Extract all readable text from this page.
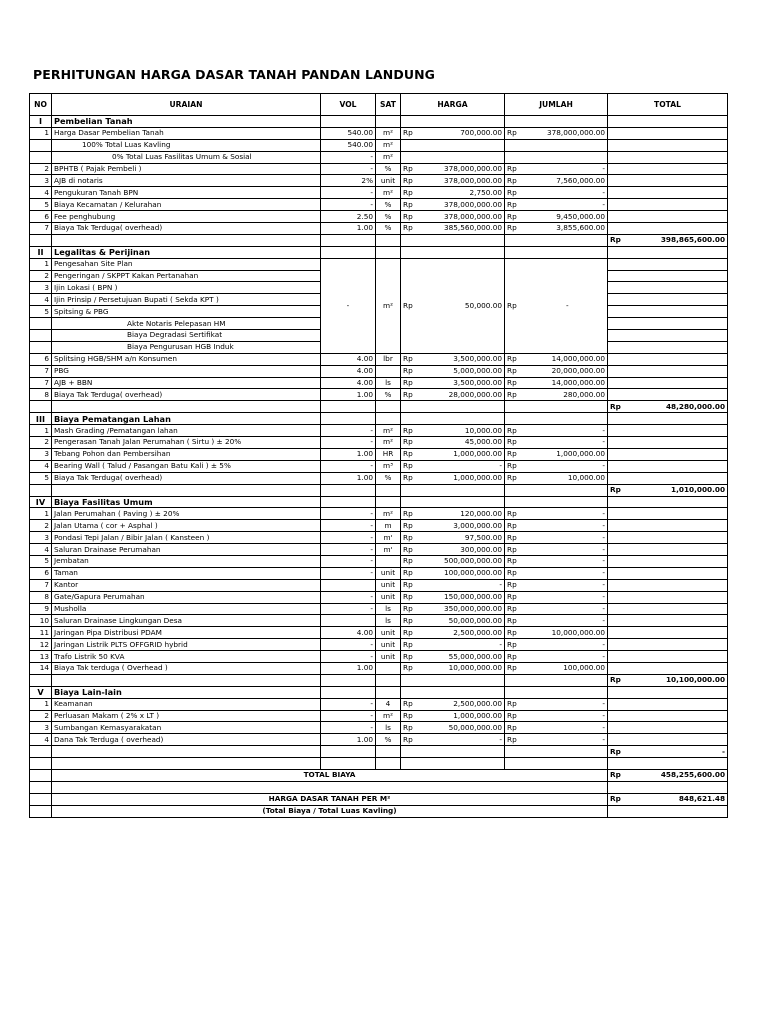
PERHITUNGAN HARGA DASAR TANAH PANDAN LANDUNG
NO	URAIAN	VOL	SAT	HARGA		JUMLAH		TOTAL	
I	Pembelian Tanah								
1	Harga Dasar Pembelian Tanah	540.00	m²	Rp	700,000.00	Rp	378,000,000.00		
	100% Total Luas Kavling	540.00	m²						
	0% Total Luas Fasilitas Umum & Sosial	-	m²						
2	BPHTB ( Pajak Pembeli )	-	%	Rp	378,000,000.00	Rp	-		
3	AJB di notaris	2%	unit	Rp	378,000,000.00	Rp	7,560,000.00		
4	Pengukuran Tanah BPN	-	m²	Rp	2,750.00	Rp	-		
5	Biaya Kecamatan / Kelurahan	-	%	Rp	378,000,000.00	Rp	-		
6	Fee penghubung	2.50	%	Rp	378,000,000.00	Rp	9,450,000.00		
7	Biaya Tak Terduga( overhead)	1.00	%	Rp	385,560,000.00	Rp	3,855,600.00		
								Rp	398,865,600.00
II	Legalitas & Perijinan								
1	Pengesahan Site Plan	-	m²	Rp	50,000.00	Rp	-		
2	Pengeringan / SKPPT Kakan Pertanahan								
3	Ijin Lokasi ( BPN )								
4	Ijin Prinsip / Persetujuan Bupati ( Sekda KPT )								
5	Spitsing & PBG								
	Akte Notaris Pelepasan HM								
	Biaya Degradasi Sertifikat								
	Biaya Pengurusan HGB Induk								
6	Splitsing HGB/SHM a/n Konsumen	4.00	lbr	Rp	3,500,000.00	Rp	14,000,000.00		
7	PBG	4.00		Rp	5,000,000.00	Rp	20,000,000.00		
7	AJB + BBN	4.00	ls	Rp	3,500,000.00	Rp	14,000,000.00		
8	Biaya Tak Terduga( overhead)	1.00	%	Rp	28,000,000.00	Rp	280,000.00		
								Rp	48,280,000.00
III	Biaya Pematangan Lahan								
1	Mash Grading /Pematangan lahan	-	m²	Rp	10,000.00	Rp	-		
2	Pengerasan Tanah Jalan Perumahan ( Sirtu ) ± 20%	-	m²	Rp	45,000.00	Rp	-		
3	Tebang Pohon dan Pembersihan	1.00	HR	Rp	1,000,000.00	Rp	1,000,000.00		
4	Bearing Wall ( Talud / Pasangan Batu Kali ) ± 5%	-	m³	Rp	-	Rp	-		
5	Biaya Tak Terduga( overhead)	1.00	%	Rp	1,000,000.00	Rp	10,000.00		
								Rp	1,010,000.00
IV	Biaya Fasilitas Umum								
1	Jalan Perumahan ( Paving ) ± 20%	-	m²	Rp	120,000.00	Rp	-		
2	Jalan Utama ( cor + Asphal )	-	m	Rp	3,000,000.00	Rp	-		
3	Pondasi Tepi Jalan / Bibir Jalan ( Kansteen )	-	m'	Rp	97,500.00	Rp	-		
4	Saluran Drainase Perumahan	-	m'	Rp	300,000.00	Rp	-		
5	Jembatan	-		Rp	500,000,000.00	Rp	-		
6	Taman	-	unit	Rp	100,000,000.00	Rp	-		
7	Kantor		unit	Rp	-	Rp	-		
8	Gate/Gapura Perumahan	-	unit	Rp	150,000,000.00	Rp	-		
9	Musholla	-	ls	Rp	350,000,000.00	Rp	-		
10	Saluran Drainase Lingkungan Desa		ls	Rp	50,000,000.00	Rp	-		
11	Jaringan Pipa Distribusi PDAM	4.00	unit	Rp	2,500,000.00	Rp	10,000,000.00		
12	Jaringan Listrik PLTS OFFGRID hybrid	-	unit	Rp	-	Rp	-		
13	Trafo Listrik 50 KVA	-	unit	Rp	55,000,000.00	Rp	-		
14	Biaya Tak terduga ( Overhead )	1.00		Rp	10,000,000.00	Rp	100,000.00		
								Rp	10,100,000.00
V	Biaya Lain-lain								
1	Keamanan	-	4	Rp	2,500,000.00	Rp	-		
2	Perluasan Makam ( 2% x LT )	-	m²	Rp	1,000,000.00	Rp	-		
3	Sumbangan Kemasyarakatan	-	ls	Rp	50,000,000.00	Rp	-		
4	Dana Tak Terduga ( overhead)	1.00	%	Rp	-	Rp	-		
								Rp	-

	TOTAL BIAYA							Rp	458,255,600.00

	HARGA DASAR TANAH PER M²							Rp	848,621.48
	(Total Biaya / Total Luas Kavling)								
